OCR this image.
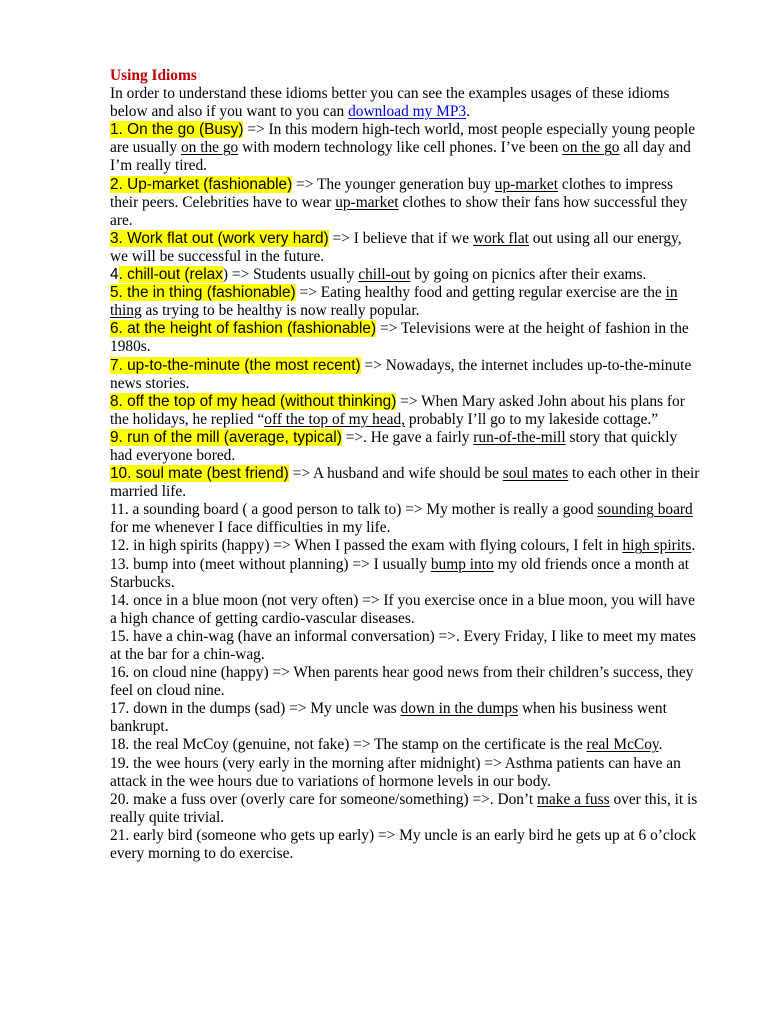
Using Idioms

In order to understand these idioms better you can see the examples usages of these idioms below and also if you want to you can download my MP3.

1. On the go (Busy) => In this modern high-tech world, most people especially young people are usually on the go with modern technology like cell phones. I’ve been on the go all day and I’m really tired.

2. Up-market (fashionable) => The younger generation buy up-market clothes to impress their peers. Celebrities have to wear up-market clothes to show their fans how successful they are.

3. Work flat out (work very hard) => I believe that if we work flat out using all our energy, we will be successful in the future.

4. chill-out (relax) => Students usually chill-out by going on picnics after their exams.

5. the in thing (fashionable) => Eating healthy food and getting regular exercise are the in thing as trying to be healthy is now really popular.

6. at the height of fashion (fashionable) => Televisions were at the height of fashion in the 1980s.

7. up-to-the-minute (the most recent) => Nowadays, the internet includes up-to-the-minute news stories.

8. off the top of my head (without thinking) => When Mary asked John about his plans for the holidays, he replied “off the top of my head, probably I’ll go to my lakeside cottage.”

9. run of the mill (average, typical) =>. He gave a fairly run-of-the-mill story that quickly had everyone bored.

10. soul mate (best friend) => A husband and wife should be soul mates to each other in their married life.

11. a sounding board ( a good person to talk to) => My mother is really a good sounding board for me whenever I face difficulties in my life.

12. in high spirits (happy) => When I passed the exam with flying colours, I felt in high spirits.

13. bump into (meet without planning) => I usually bump into my old friends once a month at Starbucks.

14. once in a blue moon (not very often) => If you exercise once in a blue moon, you will have a high chance of getting cardio-vascular diseases.

15. have a chin-wag (have an informal conversation) =>. Every Friday, I like to meet my mates at the bar for a chin-wag.

16. on cloud nine (happy) => When parents hear good news from their children’s success, they feel on cloud nine.

17. down in the dumps (sad) => My uncle was down in the dumps when his business went bankrupt.

18. the real McCoy (genuine, not fake) => The stamp on the certificate is the real McCoy.

19. the wee hours (very early in the morning after midnight) => Asthma patients can have an attack in the wee hours due to variations of hormone levels in our body.

20. make a fuss over (overly care for someone/something) =>. Don’t make a fuss over this, it is really quite trivial.

21. early bird (someone who gets up early) => My uncle is an early bird he gets up at 6 o’clock every morning to do exercise.
